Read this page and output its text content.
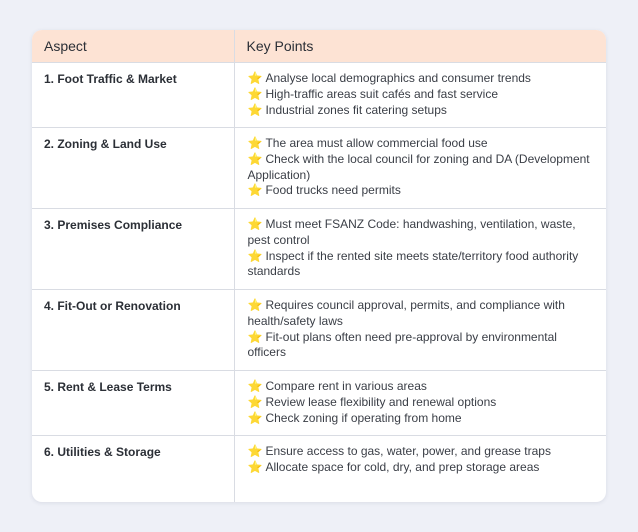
Aspect	Key Points
1. Foot Traffic & Market	⭐ Analyse local demographics and consumer trends
⭐ High-traffic areas suit cafés and fast service
⭐ Industrial zones fit catering setups

2. Zoning & Land Use	⭐ The area must allow commercial food use
⭐ Check with the local council for zoning and DA (Development Application)
⭐ Food trucks need permits

3. Premises Compliance	⭐ Must meet FSANZ Code: handwashing, ventilation, waste, pest control
⭐ Inspect if the rented site meets state/territory food authority standards

4. Fit-Out or Renovation	⭐ Requires council approval, permits, and compliance with health/safety laws
⭐ Fit-out plans often need pre-approval by environmental officers

5. Rent & Lease Terms	⭐ Compare rent in various areas
⭐ Review lease flexibility and renewal options
⭐ Check zoning if operating from home

6. Utilities & Storage	⭐ Ensure access to gas, water, power, and grease traps
⭐ Allocate space for cold, dry, and prep storage areas
